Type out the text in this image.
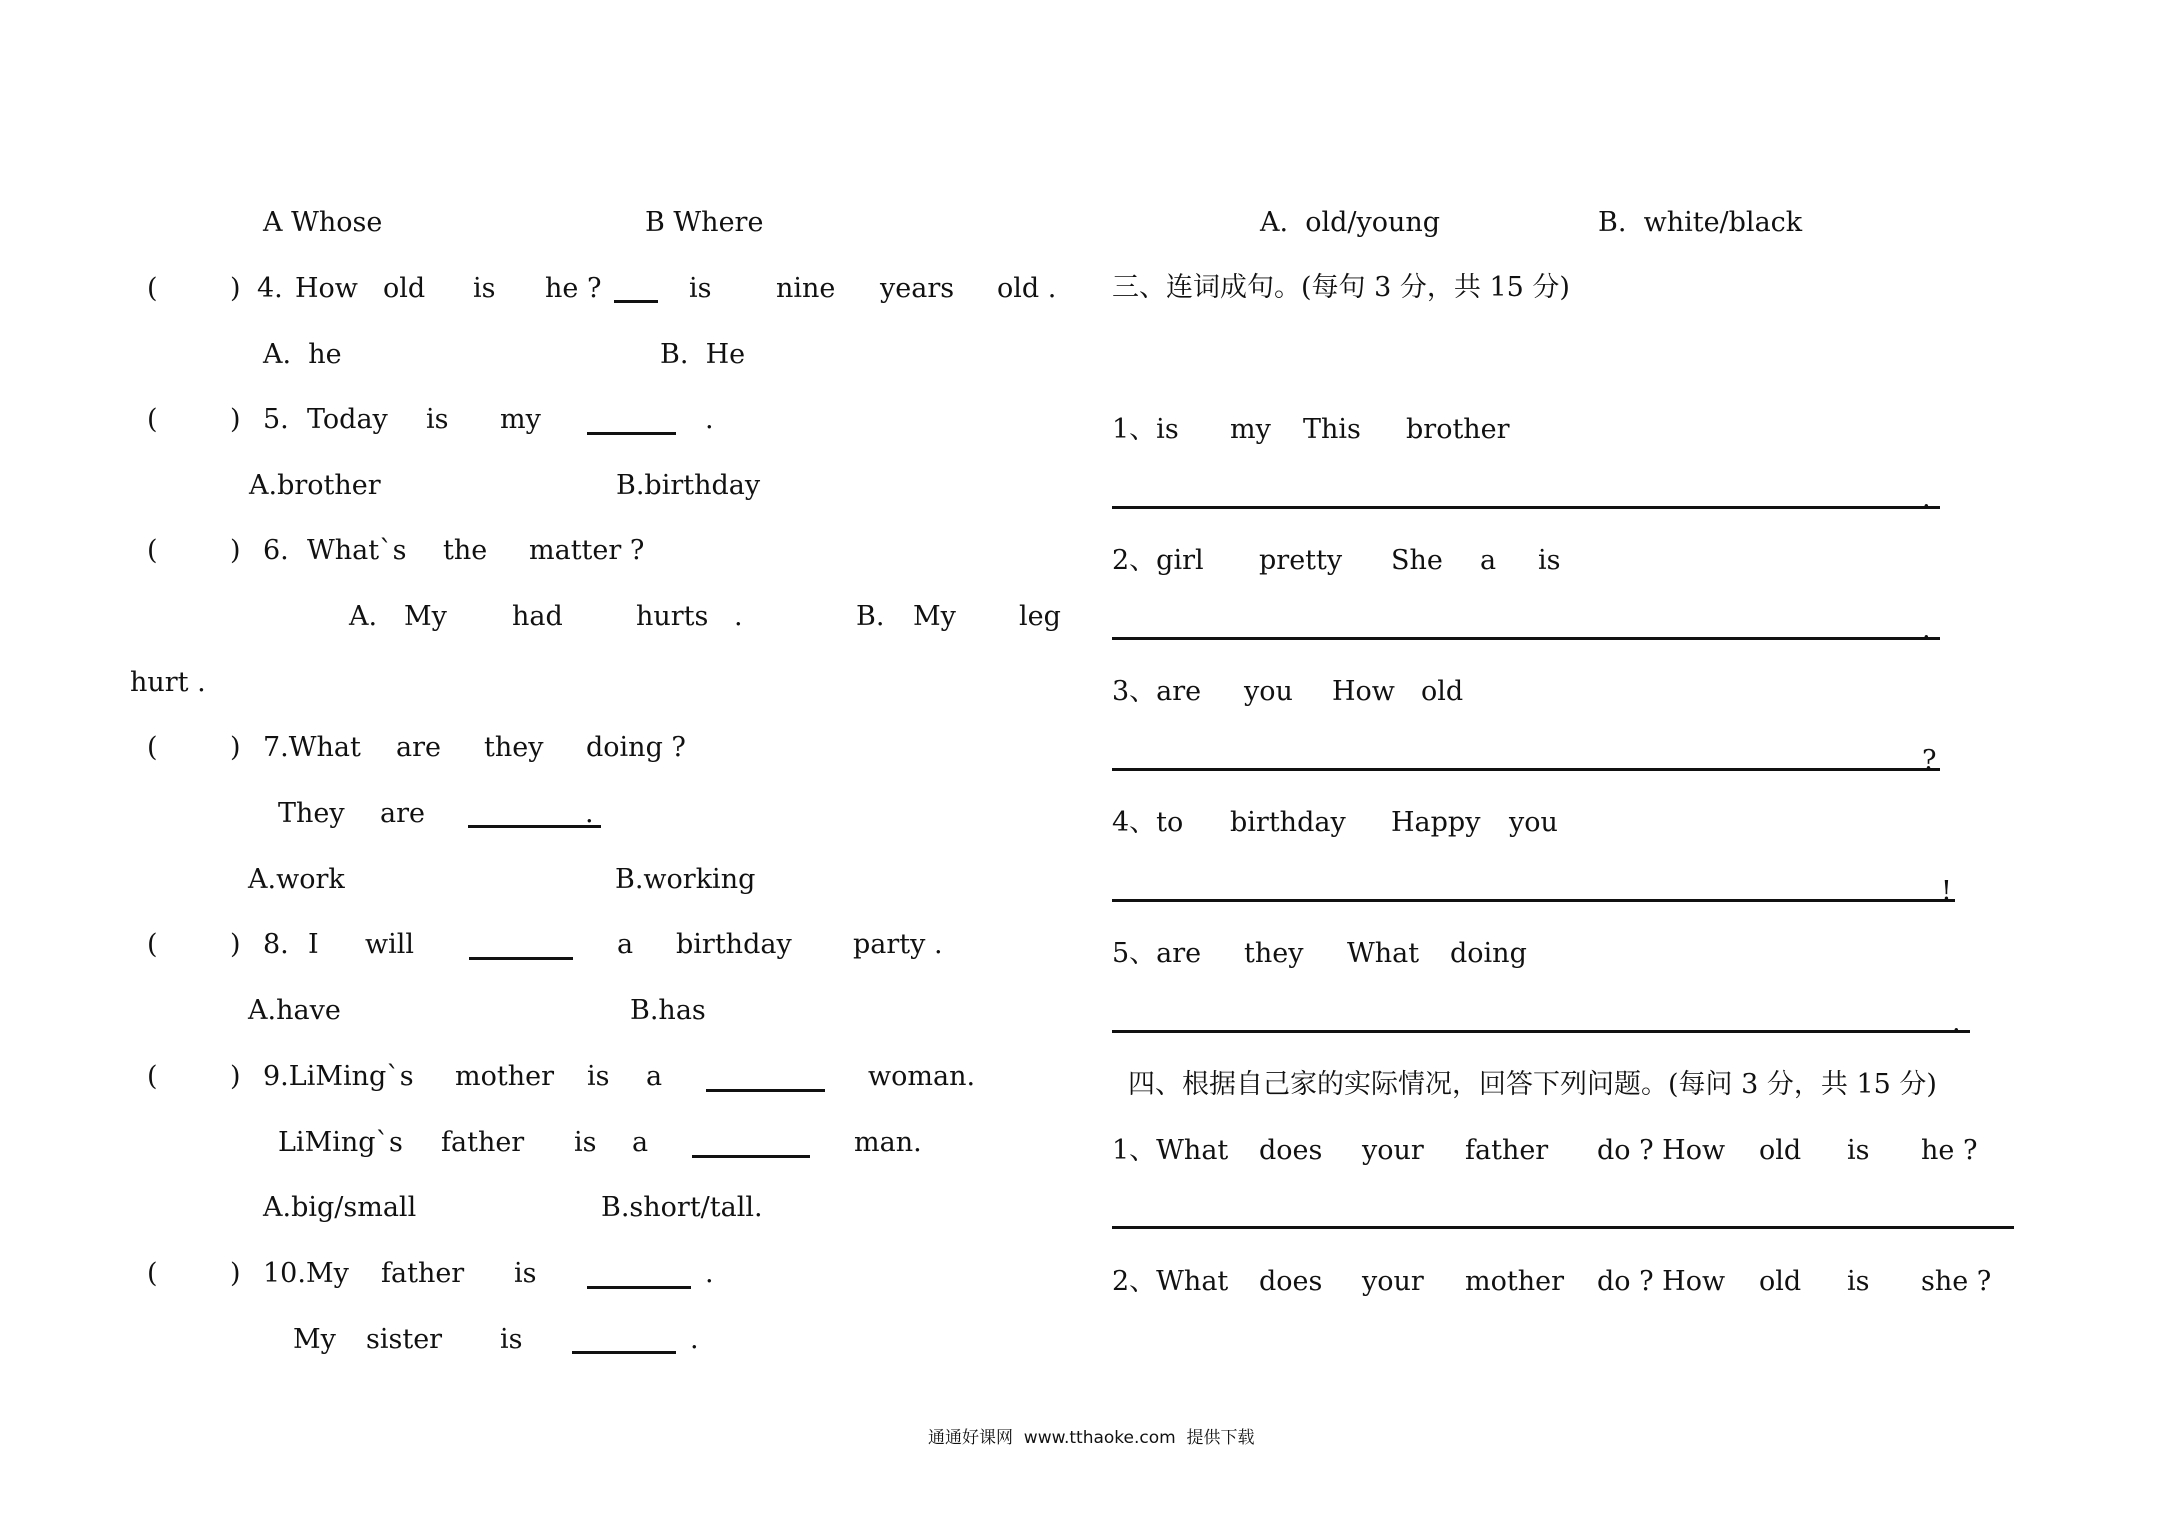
A Whose	B Where
(	) 4. How old is he ?	is nine years old .
A.  he	B.  He
(	) 5. Today is my	.
A.brother	B.birthday
(	) 6. What`s the matter ?
A. My had	hurts .	B. My leg
hurt .
(	) 7.What are they doing ?
They are	.
A.work	B.working
(	) 8. I will	a birthday party .
A.have	B.has
(	) 9.LiMing`s mother is a	woman.
LiMing`s father is a	man.
A.big/small	B.short/tall.
(	) 10.My father is	.
My sister is	.
A.  old/young	B.  white/black
三、连词成句。(每句 3 分，共 15 分)
1、is my This brother
.
2、girl pretty She a is
.
3、are you How old
?
4、to birthday Happy you
!
5、are they What doing
.
四、根据自己家的实际情况，回答下列问题。(每问 3 分，共 15 分)
1、What does your father do ? How old is he ?
2、What does your mother do ? How old is she ?
通通好课网  www.tthaoke.com  提供下载
